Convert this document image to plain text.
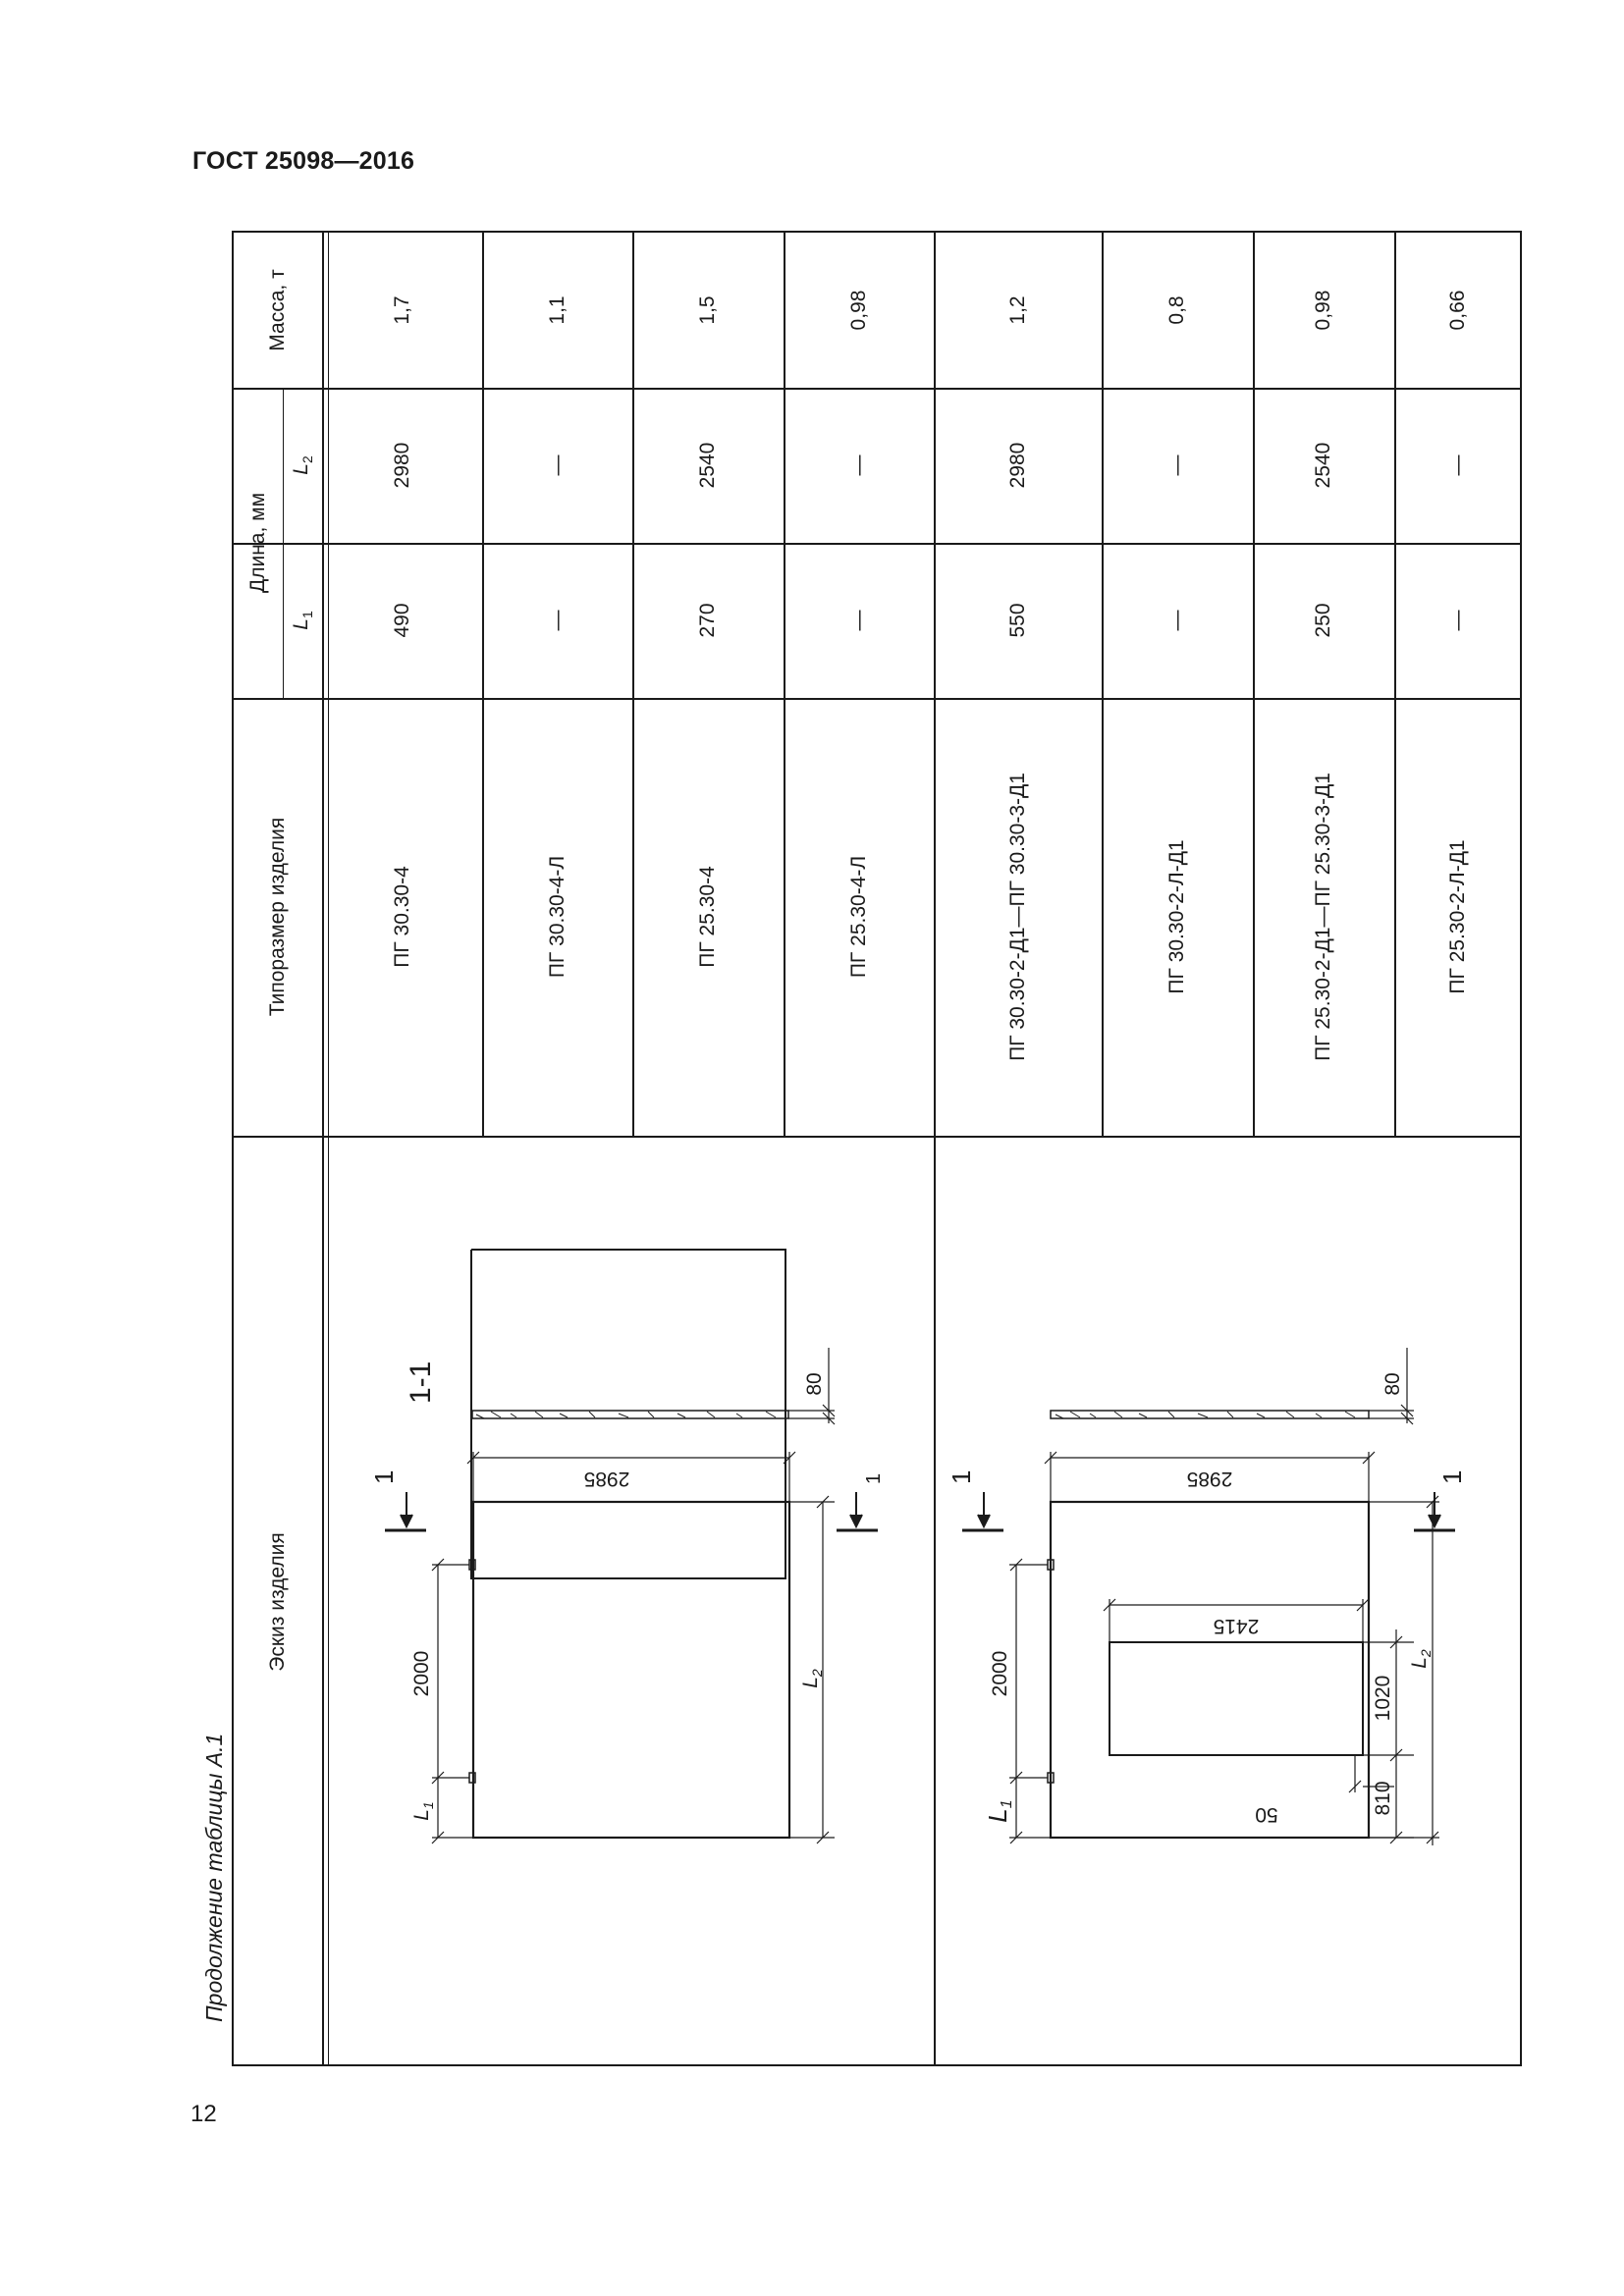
ГОСТ 25098—2016
12
Продолжение таблицы А.1
Масса, т
Длина, мм
$L_2$
$L_1$
Типоразмер изделия
Эскиз изделия
1,7
2980
490
ПГ 30.30-4
1,1
—
—
ПГ 30.30-4-Л
1,5
2540
270
ПГ 25.30-4
0,98
—
—
ПГ 25.30-4-Л
1,2
2980
550
ПГ 30.30-2-Д1—ПГ 30.30-3-Д1
0,8
—
—
ПГ 30.30-2-Л-Д1
0,98
2540
250
ПГ 25.30-2-Д1—ПГ 25.30-3-Д1
0,66
—
—
ПГ 25.30-2-Л-Д1
1-1
1	1
2985
80
2000
$L_1$
$L_2$
1	1
2985
2415
80
2000
L1
1020
810
50
$L_2$
